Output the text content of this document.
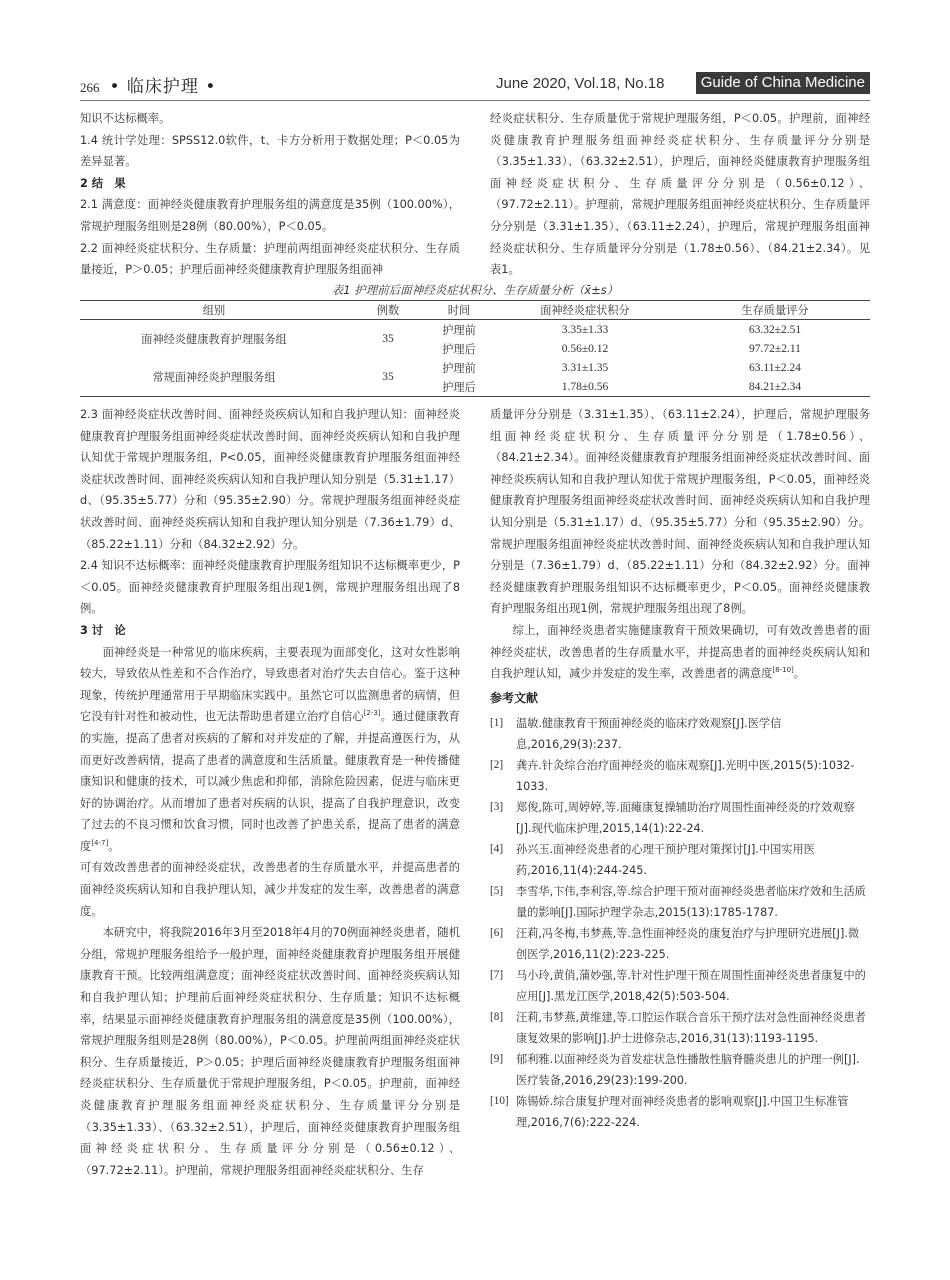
266 • 临床护理 •	June 2020, Vol.18, No.18	Guide of China Medicine

知识不达标概率。

1.4 统计学处理：SPSS12.0软件，t、卡方分析用于数据处理；P＜0.05为差异显著。

2 结　果

2.1 满意度：面神经炎健康教育护理服务组的满意度是35例（100.00%），常规护理服务组则是28例（80.00%），P＜0.05。

2.2 面神经炎症状积分、生存质量：护理前两组面神经炎症状积分、生存质量接近，P＞0.05；护理后面神经炎健康教育护理服务组面神

经炎症状积分、生存质量优于常规护理服务组，P＜0.05。护理前，面神经炎健康教育护理服务组面神经炎症状积分、生存质量评分分别是（3.35±1.33）、（63.32±2.51），护理后，面神经炎健康教育护理服务组面神经炎症状积分、生存质量评分分别是（0.56±0.12）、（97.72±2.11）。护理前，常规护理服务组面神经炎症状积分、生存质量评分分别是（3.31±1.35）、（63.11±2.24），护理后，常规护理服务组面神经炎症状积分、生存质量评分分别是（1.78±0.56）、（84.21±2.34）。见表1。

表1 护理前后面神经炎症状积分、生存质量分析（x̄±s）
组别	例数	时间	面神经炎症状积分	生存质量评分
面神经炎健康教育护理服务组	35	护理前	3.35±1.33	63.32±2.51
		护理后	0.56±0.12	97.72±2.11
常规面神经炎护理服务组	35	护理前	3.31±1.35	63.11±2.24
		护理后	1.78±0.56	84.21±2.34

2.3 面神经炎症状改善时间、面神经炎疾病认知和自我护理认知：面神经炎健康教育护理服务组面神经炎症状改善时间、面神经炎疾病认知和自我护理认知优于常规护理服务组，P<0.05，面神经炎健康教育护理服务组面神经炎症状改善时间、面神经炎疾病认知和自我护理认知分别是（5.31±1.17）d、（95.35±5.77）分和（95.35±2.90）分。常规护理服务组面神经炎症状改善时间、面神经炎疾病认知和自我护理认知分别是（7.36±1.79）d、（85.22±1.11）分和（84.32±2.92）分。

2.4 知识不达标概率：面神经炎健康教育护理服务组知识不达标概率更少，P＜0.05。面神经炎健康教育护理服务组出现1例，常规护理服务组出现了8例。

3 讨　论

面神经炎是一种常见的临床疾病，主要表现为面部变化，这对女性影响较大，导致依从性差和不合作治疗，导致患者对治疗失去自信心。鉴于这种现象，传统护理通常用于早期临床实践中。虽然它可以监测患者的病情，但它没有针对性和被动性，也无法帮助患者建立治疗自信心[2-3]。通过健康教育的实施，提高了患者对疾病的了解和对并发症的了解，并提高遵医行为，从而更好改善病情，提高了患者的满意度和生活质量。健康教育是一种传播健康知识和健康的技术，可以减少焦虑和抑郁，消除危险因素，促进与临床更好的协调治疗。从而增加了患者对疾病的认识，提高了自我护理意识，改变了过去的不良习惯和饮食习惯，同时也改善了护患关系，提高了患者的满意度[4-7]。

可有效改善患者的面神经炎症状，改善患者的生存质量水平，并提高患者的面神经炎疾病认知和自我护理认知，减少并发症的发生率，改善患者的满意度。

本研究中，将我院2016年3月至2018年4月的70例面神经炎患者，随机分组，常规护理服务组给予一般护理，面神经炎健康教育护理服务组开展健康教育干预。比较两组满意度；面神经炎症状改善时间、面神经炎疾病认知和自我护理认知；护理前后面神经炎症状积分、生存质量；知识不达标概率，结果显示面神经炎健康教育护理服务组的满意度是35例（100.00%），常规护理服务组则是28例（80.00%），P＜0.05。护理前两组面神经炎症状积分、生存质量接近，P＞0.05；护理后面神经炎健康教育护理服务组面神经炎症状积分、生存质量优于常规护理服务组，P＜0.05。护理前，面神经炎健康教育护理服务组面神经炎症状积分、生存质量评分分别是（3.35±1.33）、（63.32±2.51），护理后，面神经炎健康教育护理服务组面神经炎症状积分、生存质量评分分别是（0.56±0.12）、（97.72±2.11）。护理前，常规护理服务组面神经炎症状积分、生存

质量评分分别是（3.31±1.35）、（63.11±2.24），护理后，常规护理服务组面神经炎症状积分、生存质量评分分别是（1.78±0.56）、（84.21±2.34）。面神经炎健康教育护理服务组面神经炎症状改善时间、面神经炎疾病认知和自我护理认知优于常规护理服务组，P＜0.05，面神经炎健康教育护理服务组面神经炎症状改善时间、面神经炎疾病认知和自我护理认知分别是（5.31±1.17）d、（95.35±5.77）分和（95.35±2.90）分。常规护理服务组面神经炎症状改善时间、面神经炎疾病认知和自我护理认知分别是（7.36±1.79）d、（85.22±1.11）分和（84.32±2.92）分。面神经炎健康教育护理服务组知识不达标概率更少，P＜0.05。面神经炎健康教育护理服务组出现1例，常规护理服务组出现了8例。

综上，面神经炎患者实施健康教育干预效果确切，可有效改善患者的面神经炎症状，改善患者的生存质量水平，并提高患者的面神经炎疾病认知和自我护理认知，减少并发症的发生率，改善患者的满意度[8-10]。

参考文献
[1]	温敏.健康教育干预面神经炎的临床疗效观察[J].医学信息,2016,29(3):237.
[2]	龚卉.针灸综合治疗面神经炎的临床观察[J].光明中医,2015(5):1032-1033.
[3]	郑俊,陈可,周婷婷,等.面瘫康复操辅助治疗周围性面神经炎的疗效观察[J].现代临床护理,2015,14(1):22-24.
[4]	孙兴玉.面神经炎患者的心理干预护理对策探讨[J].中国实用医药,2016,11(4):244-245.
[5]	李雪华,卞伟,李利容,等.综合护理干预对面神经炎患者临床疗效和生活质量的影响[J].国际护理学杂志,2015(13):1785-1787.
[6]	汪莉,冯冬梅,韦梦燕,等.急性面神经炎的康复治疗与护理研究进展[J].微创医学,2016,11(2):223-225.
[7]	马小玲,黄俏,蒲妙强,等.针对性护理干预在周围性面神经炎患者康复中的应用[J].黑龙江医学,2018,42(5):503-504.
[8]	汪莉,韦梦燕,黄维建,等.口腔运作联合音乐干预疗法对急性面神经炎患者康复效果的影响[J].护士进修杂志,2016,31(13):1193-1195.
[9]	郁利雅.以面神经炎为首发症状急性播散性脑脊髓炎患儿的护理一例[J].医疗装备,2016,29(23):199-200.
[10] 陈锡娇.综合康复护理对面神经炎患者的影响观察[J].中国卫生标准管理,2016,7(6):222-224.
